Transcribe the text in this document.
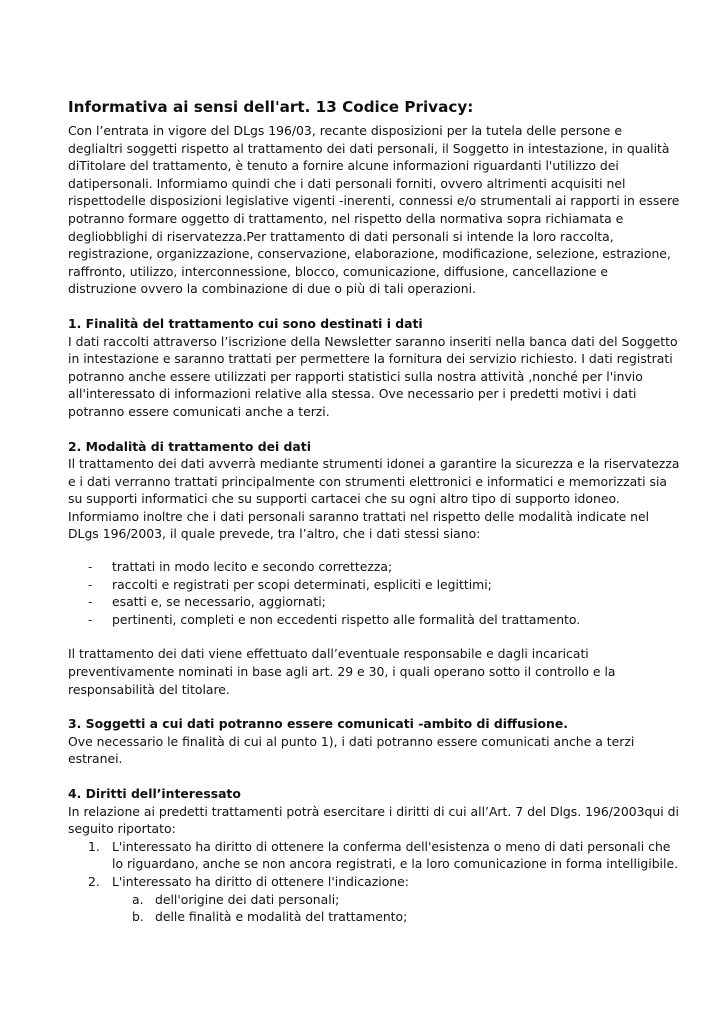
Informativa ai sensi dell'art. 13 Codice Privacy:

Con l’entrata in vigore del DLgs 196/03, recante disposizioni per la tutela delle persone e deglialtri soggetti rispetto al trattamento dei dati personali, il Soggetto in intestazione, in qualità diTitolare del trattamento, è tenuto a fornire alcune informazioni riguardanti l'utilizzo dei datipersonali. Informiamo quindi che i dati personali forniti, ovvero altrimenti acquisiti nel rispettodelle disposizioni legislative vigenti -inerenti, connessi e/o strumentali ai rapporti in essere potranno formare oggetto di trattamento, nel rispetto della normativa sopra richiamata e degliobblighi di riservatezza.Per trattamento di dati personali si intende la loro raccolta, registrazione, organizzazione, conservazione, elaborazione, modificazione, selezione, estrazione, raffronto, utilizzo, interconnessione, blocco, comunicazione, diffusione, cancellazione e distruzione ovvero la combinazione di due o più di tali operazioni.

1. Finalità del trattamento cui sono destinati i dati

I dati raccolti attraverso l’iscrizione della Newsletter saranno inseriti nella banca dati del Soggetto in intestazione e saranno trattati per permettere la fornitura dei servizio richiesto. I dati registrati potranno anche essere utilizzati per rapporti statistici sulla nostra attività ,nonché per l'invio all'interessato di informazioni relative alla stessa. Ove necessario per i predetti motivi i dati potranno essere comunicati anche a terzi.

2. Modalità di trattamento dei dati

Il trattamento dei dati avverrà mediante strumenti idonei a garantire la sicurezza e la riservatezza e i dati verranno trattati principalmente con strumenti elettronici e informatici e memorizzati sia su supporti informatici che su supporti cartacei che su ogni altro tipo di supporto idoneo. Informiamo inoltre che i dati personali saranno trattati nel rispetto delle modalità indicate nel DLgs 196/2003, il quale prevede, tra l’altro, che i dati stessi siano:

- trattati in modo lecito e secondo correttezza;
- raccolti e registrati per scopi determinati, espliciti e legittimi;
- esatti e, se necessario, aggiornati;
- pertinenti, completi e non eccedenti rispetto alle formalità del trattamento.

Il trattamento dei dati viene effettuato dall’eventuale responsabile e dagli incaricati preventivamente nominati in base agli art. 29 e 30, i quali operano sotto il controllo e la responsabilità del titolare.

3. Soggetti a cui dati potranno essere comunicati -ambito di diffusione.

Ove necessario le finalità di cui al punto 1), i dati potranno essere comunicati anche a terzi estranei.

4. Diritti dell’interessato

In relazione ai predetti trattamenti potrà esercitare i diritti di cui all’Art. 7 del Dlgs. 196/2003qui di seguito riportato:

1. L'interessato ha diritto di ottenere la conferma dell'esistenza o meno di dati personali che lo riguardano, anche se non ancora registrati, e la loro comunicazione in forma intelligibile.
2. L'interessato ha diritto di ottenere l'indicazione:
a. dell'origine dei dati personali;
b. delle finalità e modalità del trattamento;
